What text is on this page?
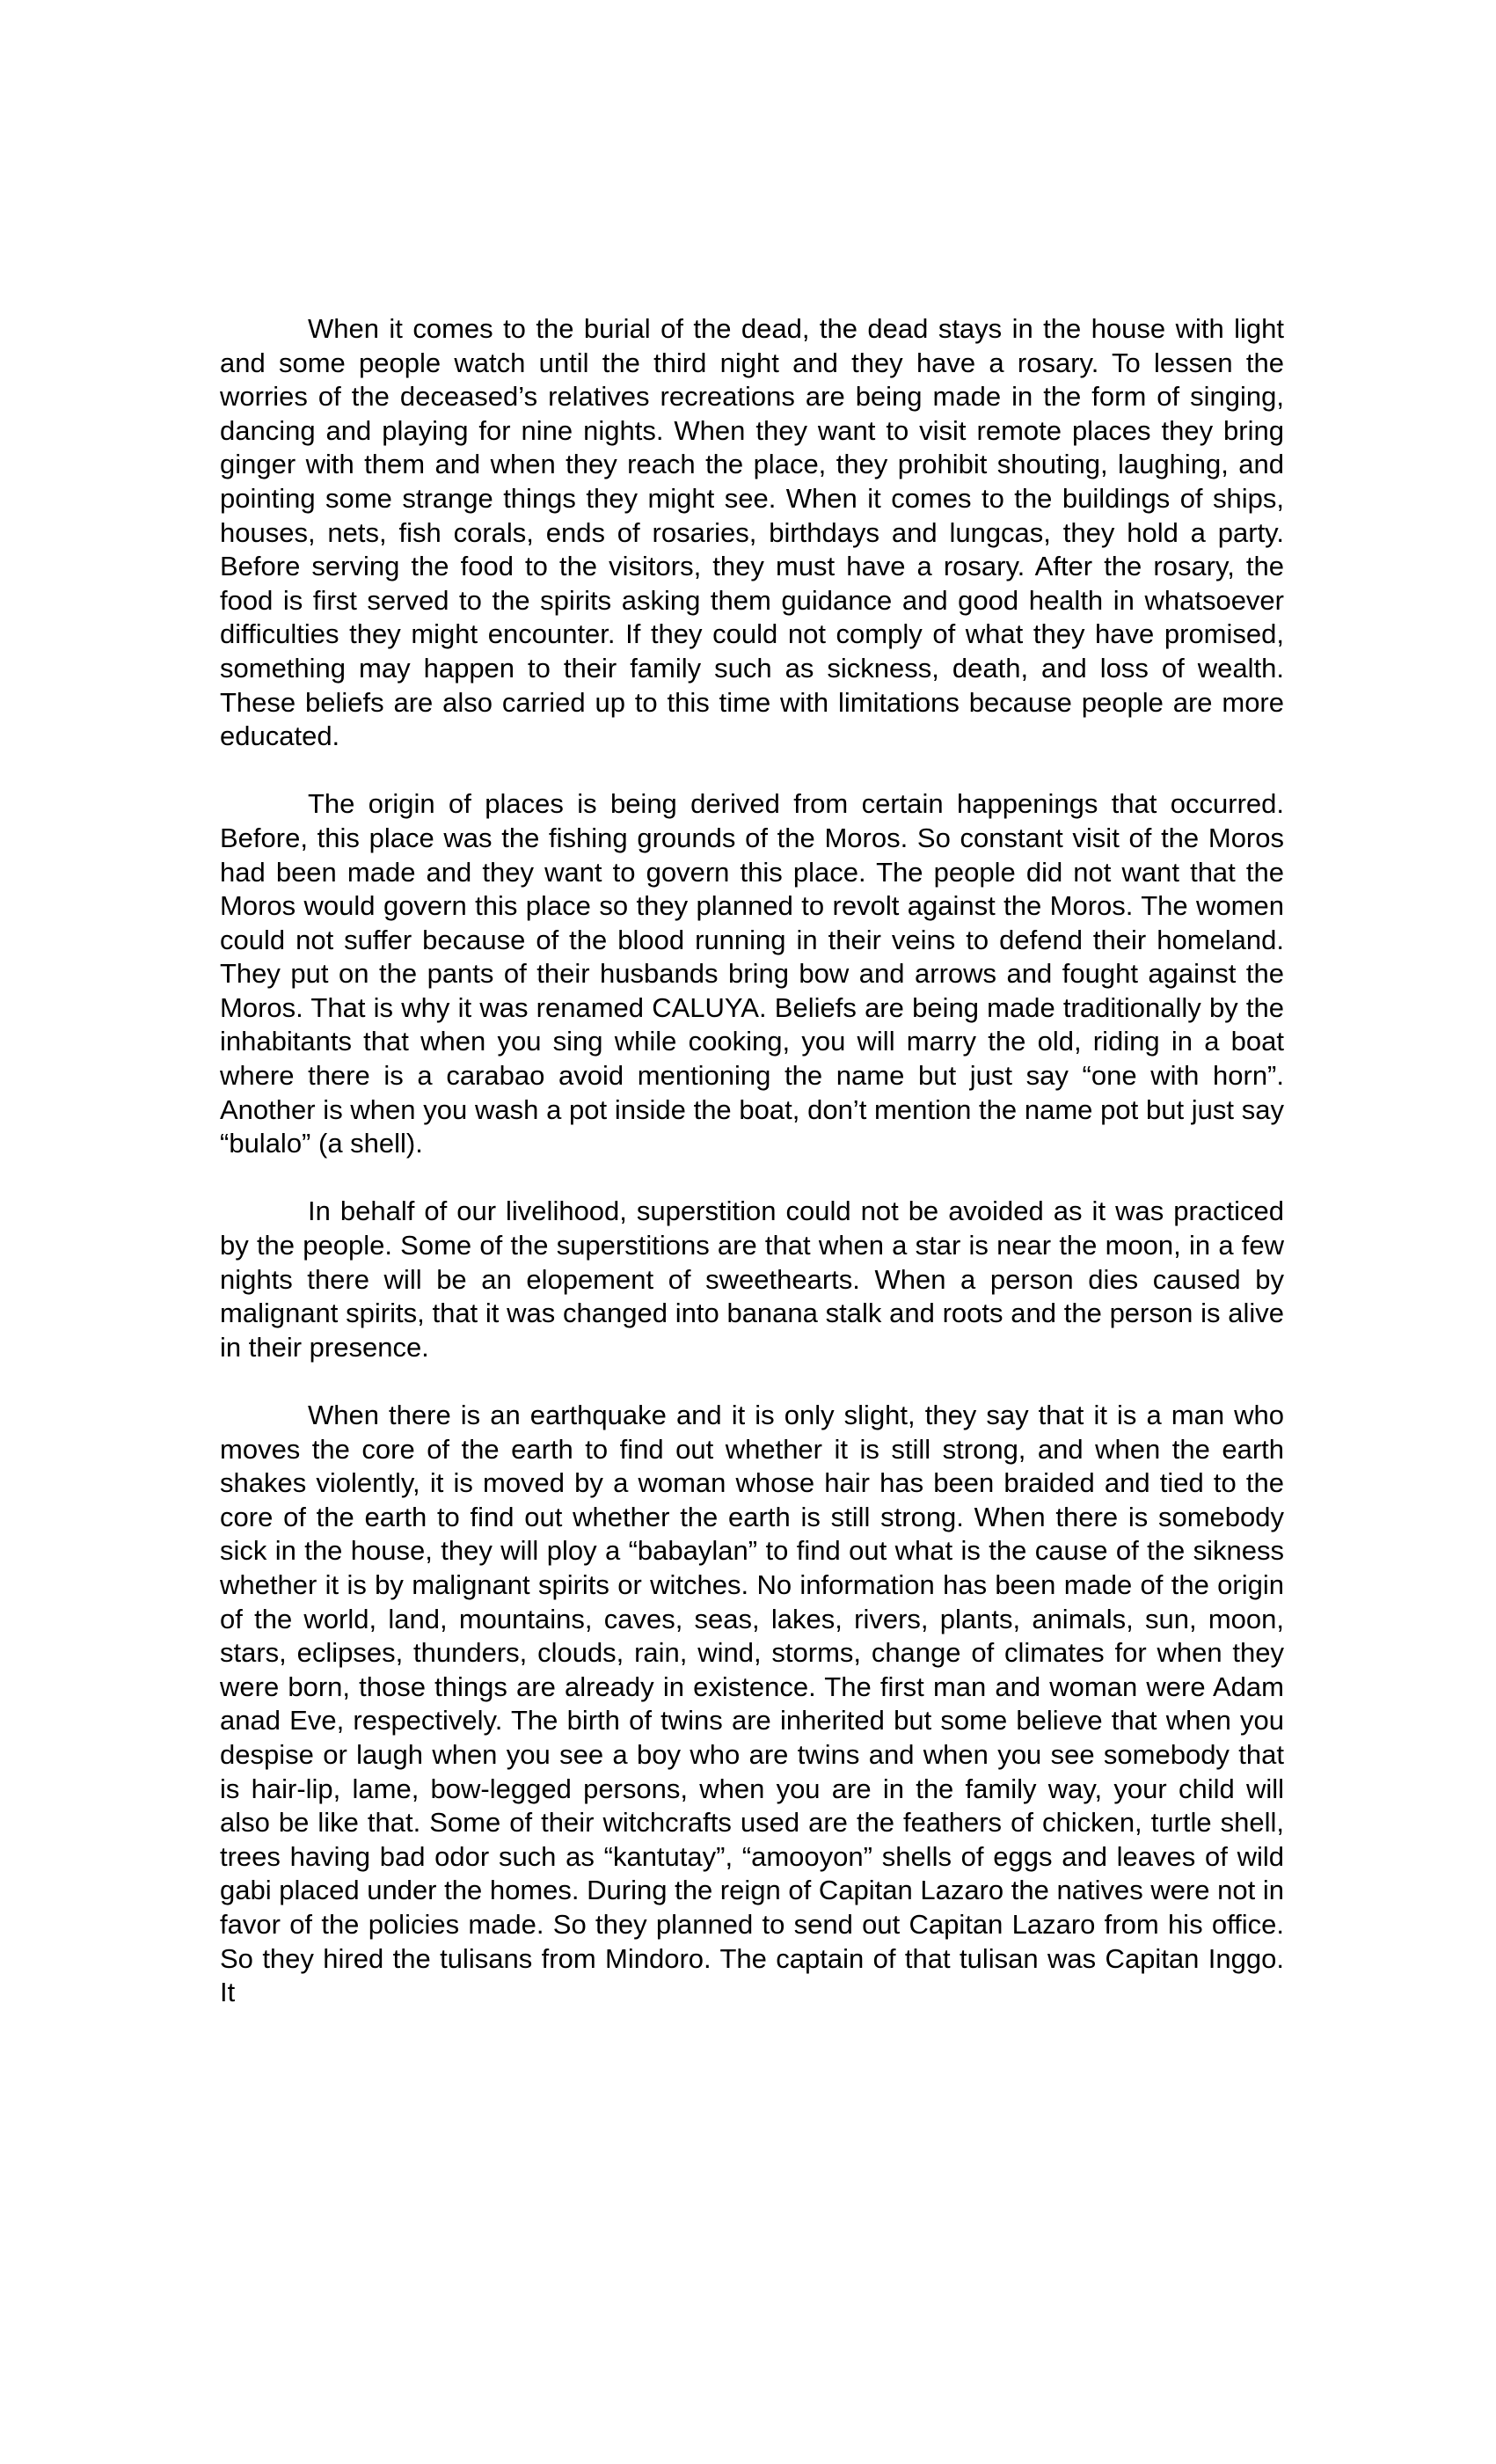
When it comes to the burial of the dead, the dead stays in the house with light and some people watch until the third night and they have a rosary. To lessen the worries of the deceased’s relatives recreations are being made in the form of singing, dancing and playing for nine nights. When they want to visit remote places they bring ginger with them and when they reach the place, they prohibit shouting, laughing, and pointing some strange things they might see. When it comes to the buildings of ships, houses, nets, fish corals, ends of rosaries, birthdays and lungcas, they hold a party. Before serving the food to the visitors, they must have a rosary. After the rosary, the food is first served to the spirits asking them guidance and good health in whatsoever difficulties they might encounter. If they could not comply of what they have promised, something may happen to their family such as sickness, death, and loss of wealth. These beliefs are also carried up to this time with limitations because people are more educated.

The origin of places is being derived from certain happenings that occurred. Before, this place was the fishing grounds of the Moros. So constant visit of the Moros had been made and they want to govern this place. The people did not want that the Moros would govern this place so they planned to revolt against the Moros. The women could not suffer because of the blood running in their veins to defend their homeland. They put on the pants of their husbands bring bow and arrows and fought against the Moros. That is why it was renamed CALUYA. Beliefs are being made traditionally by the inhabitants that when you sing while cooking, you will marry the old, riding in a boat where there is a carabao avoid mentioning the name but just say “one with horn”. Another is when you wash a pot inside the boat, don’t mention the name pot but just say “bulalo” (a shell).

In behalf of our livelihood, superstition could not be avoided as it was practiced by the people. Some of the superstitions are that when a star is near the moon, in a few nights there will be an elopement of sweethearts. When a person dies caused by malignant spirits, that it was changed into banana stalk and roots and the person is alive in their presence.

When there is an earthquake and it is only slight, they say that it is a man who moves the core of the earth to find out whether it is still strong, and when the earth shakes violently, it is moved by a woman whose hair has been braided and tied to the core of the earth to find out whether the earth is still strong. When there is somebody sick in the house, they will ploy a “babaylan” to find out what is the cause of the sikness whether it is by malignant spirits or witches. No information has been made of the origin of the world, land, mountains, caves, seas, lakes, rivers, plants, animals, sun, moon, stars, eclipses, thunders, clouds, rain, wind, storms, change of climates for when they were born, those things are already in existence. The first man and woman were Adam anad Eve, respectively. The birth of twins are inherited but some believe that when you despise or laugh when you see a boy who are twins and when you see somebody that is hair-lip, lame, bow-legged persons, when you are in the family way, your child will also be like that. Some of their witchcrafts used are the feathers of chicken, turtle shell, trees having bad odor such as “kantutay”, “amooyon” shells of eggs and leaves of wild gabi placed under the homes. During the reign of Capitan Lazaro the natives were not in favor of the policies made. So they planned to send out Capitan Lazaro from his office. So they hired the tulisans from Mindoro. The captain of that tulisan was Capitan Inggo. It
